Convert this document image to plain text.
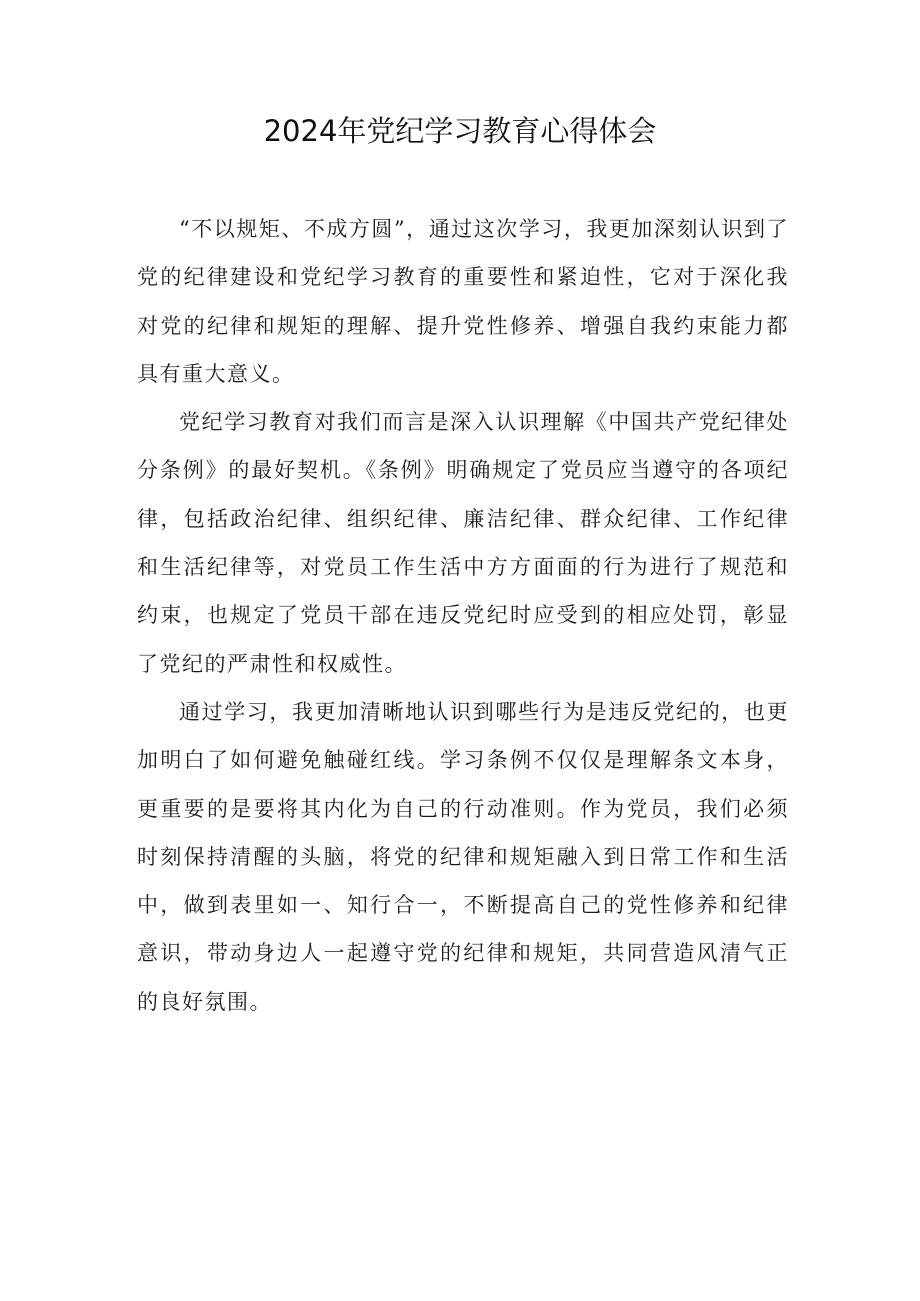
2024年党纪学习教育心得体会

“不以规矩、不成方圆”，通过这次学习，我更加深刻认识到了党的纪律建设和党纪学习教育的重要性和紧迫性，它对于深化我对党的纪律和规矩的理解、提升党性修养、增强自我约束能力都具有重大意义。

党纪学习教育对我们而言是深入认识理解《中国共产党纪律处分条例》的最好契机。《条例》明确规定了党员应当遵守的各项纪律，包括政治纪律、组织纪律、廉洁纪律、群众纪律、工作纪律和生活纪律等，对党员工作生活中方方面面的行为进行了规范和约束，也规定了党员干部在违反党纪时应受到的相应处罚，彰显了党纪的严肃性和权威性。

通过学习，我更加清晰地认识到哪些行为是违反党纪的，也更加明白了如何避免触碰红线。学习条例不仅仅是理解条文本身，更重要的是要将其内化为自己的行动准则。作为党员，我们必须时刻保持清醒的头脑，将党的纪律和规矩融入到日常工作和生活中，做到表里如一、知行合一，不断提高自己的党性修养和纪律意识，带动身边人一起遵守党的纪律和规矩，共同营造风清气正的良好氛围。
